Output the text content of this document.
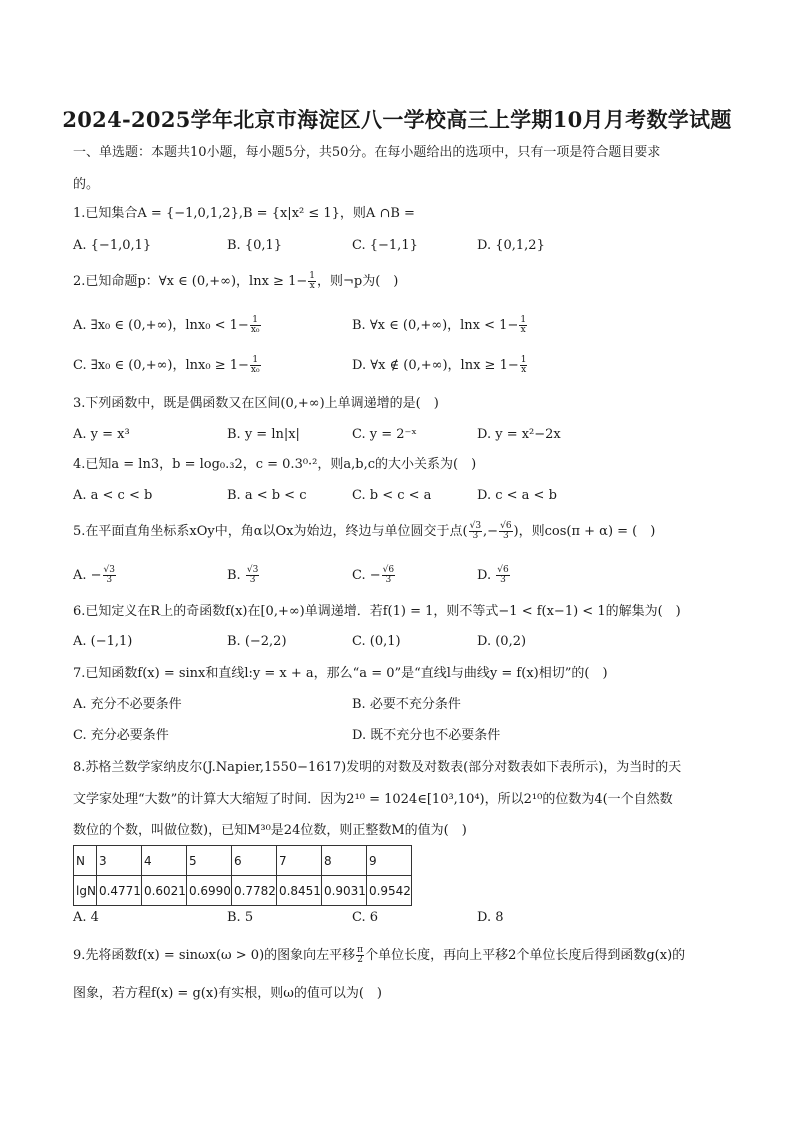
2024-2025学年北京市海淀区八一学校高三上学期10月月考数学试题
一、单选题：本题共10小题，每小题5分，共50分。在每小题给出的选项中，只有一项是符合题目要求
的。
1.已知集合A = {−1,0,1,2},B = {x|x² ≤ 1}，则A ∩B =
A. {−1,0,1}	B. {0,1}	C. {−1,1}	D. {0,1,2}
2.已知命题p：∀x ∈ (0,+∞)，$\ln x \ge 1- \frac{1}{x}$ ，则¬p为(　)
A. ∃x₀ ∈ (0,+∞)，$\ln x_0 < 1- \frac{1}{\text{x₀}}$	B. ∀x ∈ (0,+∞)，$\ln x < 1- \frac{1}{x}$
C. ∃x₀ ∈ (0,+∞)，$\ln x_0 \ge 1- \frac{1}{\text{x₀}}$	D. ∀x ∉ (0,+∞)，$\ln x \ge 1- \frac{1}{x}$
3.下列函数中，既是偶函数又在区间(0,+∞)上单调递增的是(　)
A. y = x³	B. y = ln|x|	C. y = 2⁻ˣ	D. y = x²−2x
4.已知a = ln3，b = log₀.₃2，c = 0.3⁰·²，则a,b,c的大小关系为(　)
A. a < c < b	B. a < b < c	C. b < c < a	D. c < a < b
5.在平面直角坐标系xOy中，角α以Ox为始边，终边与单位圆交于点( $\frac{√3}{3}$ ,− $\frac{√6}{3}$ )，则cos(π + α) = (　)
A. − $\frac{√3}{3}$	B. $\frac{√3}{3}$	C. − $\frac{√6}{3}$	D. $\frac{√6}{3}$
6.已知定义在R上的奇函数f(x)在[0,+∞)单调递增．若f(1) = 1，则不等式−1 < f(x−1) < 1的解集为(　)
A. (−1,1)	B. (−2,2)	C. (0,1)	D. (0,2)
7.已知函数f(x) = sinx和直线l:y = x + a，那么“a = 0”是“直线l与曲线y = f(x)相切”的(　)
A. 充分不必要条件	B. 必要不充分条件
C. 充分必要条件	D. 既不充分也不必要条件
8.苏格兰数学家纳皮尔(J.Napier,1550−1617)发明的对数及对数表(部分对数表如下表所示)，为当时的天
文学家处理“大数”的计算大大缩短了时间．因为2¹⁰ = 1024∈[10³,10⁴)，所以2¹⁰的位数为4(一个自然数
数位的个数，叫做位数)，已知M³⁰是24位数，则正整数M的值为(　)
N	3	4	5	6	7	8	9
lgN	0.4771	0.6021	0.6990	0.7782	0.8451	0.9031	0.9542
A. 4	B. 5	C. 6	D. 8
9.先将函数f(x) = sinωx(ω > 0)的图象向左平移 $\frac{\pi}{2}$ 个单位长度，再向上平移2个单位长度后得到函数g(x)的
图象，若方程f(x) = g(x)有实根，则ω的值可以为(　)
